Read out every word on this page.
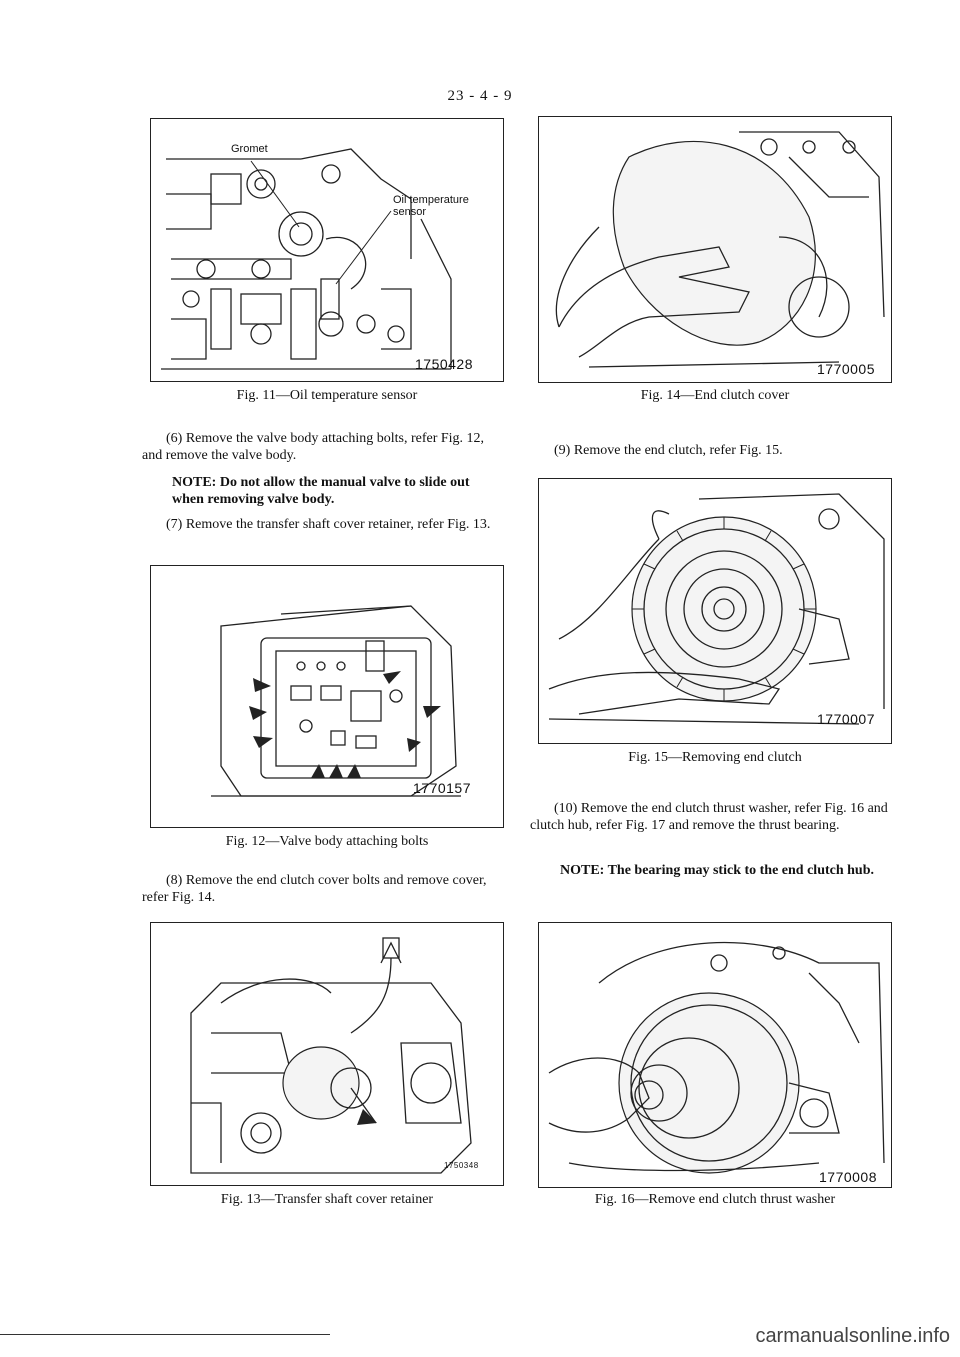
23 - 4 - 9
Gromet
Oil temperature sensor
1750428
Fig. 11—Oil temperature sensor
(6) Remove the valve body attaching bolts, refer Fig. 12, and remove the valve body.
NOTE: Do not allow the manual valve to slide out when removing valve body.
(7) Remove the transfer shaft cover retainer, refer Fig. 13.
1770157
Fig. 12—Valve body attaching bolts
(8) Remove the end clutch cover bolts and remove cover, refer Fig. 14.
1750348
Fig. 13—Transfer shaft cover retainer
1770005
Fig. 14—End clutch cover
(9) Remove the end clutch, refer Fig. 15.
1770007
Fig. 15—Removing end clutch
(10) Remove the end clutch thrust washer, refer Fig. 16 and clutch hub, refer Fig. 17 and remove the thrust bearing.
NOTE: The bearing may stick to the end clutch hub.
1770008
Fig. 16—Remove end clutch thrust washer
carmanualsonline.info
